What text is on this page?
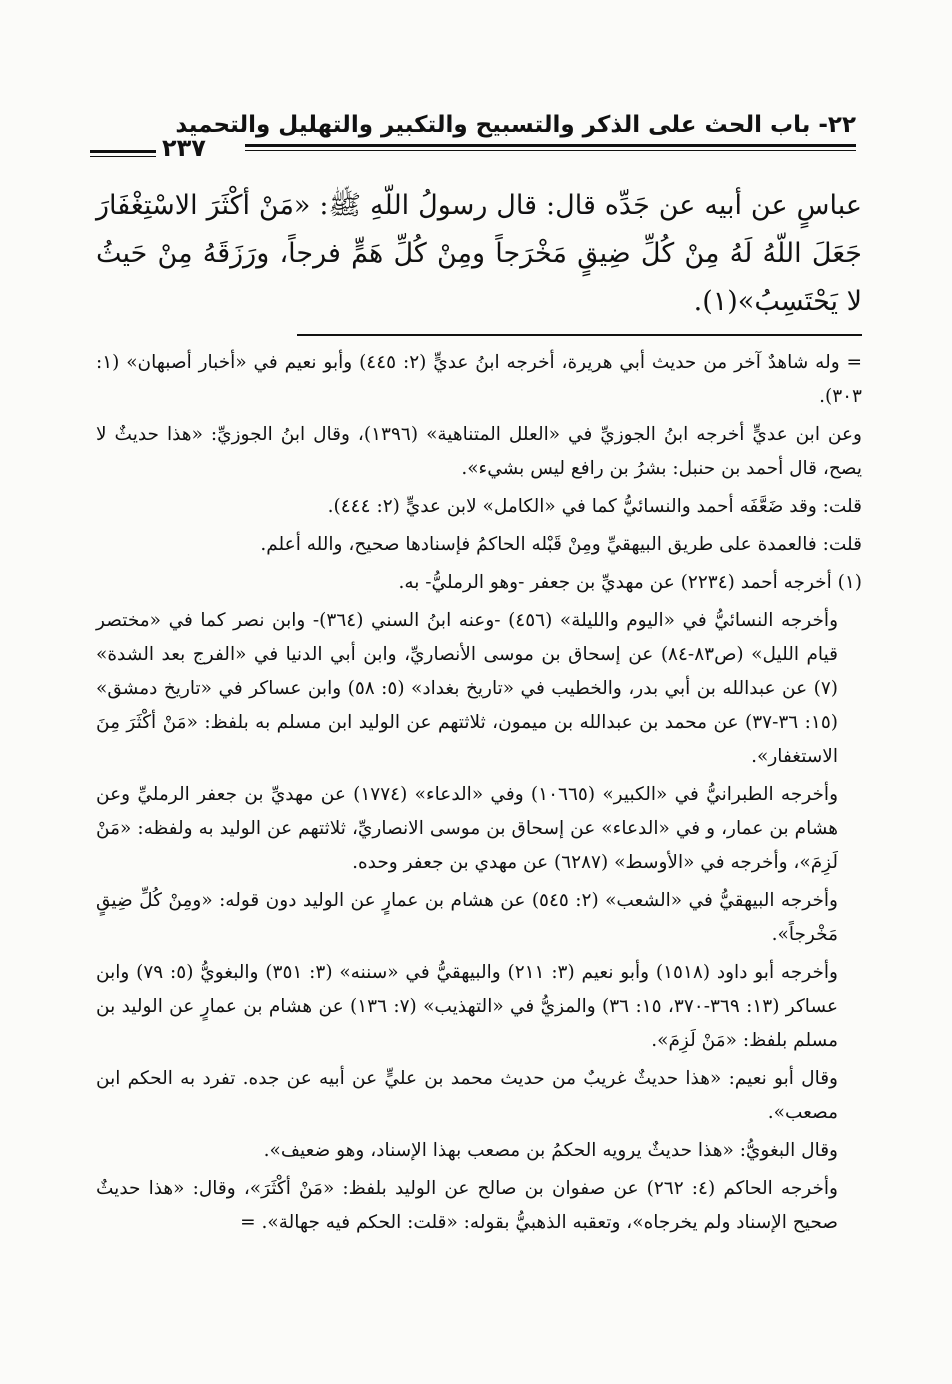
٢٢- باب الحث على الذكر والتسبيح والتكبير والتهليل والتحميد
٢٣٧

عباسٍ عن أبيه عن جَدِّه قال: قال رسولُ اللّهِ ﷺ: «مَنْ أكْثَرَ الاسْتِغْفَارَ جَعَلَ اللّهُ لَهُ مِنْ كُلِّ ضِيقٍ مَخْرَجاً ومِنْ كُلِّ هَمٍّ فرجاً، ورَزَقَهُ مِنْ حَيثُ لا يَحْتَسِبُ»(١).

= وله شاهدٌ آخر من حديث أبي هريرة، أخرجه ابنُ عديٍّ (٢: ٤٤٥) وأبو نعيم في «أخبار أصبهان» (١: ٣٠٣).

وعن ابن عديٍّ أخرجه ابنُ الجوزيِّ في «العلل المتناهية» (١٣٩٦)، وقال ابنُ الجوزيِّ: «هذا حديثٌ لا يصح، قال أحمد بن حنبل: بشرُ بن رافع ليس بشيء».

قلت: وقد ضَعَّفَه أحمد والنسائيُّ كما في «الكامل» لابن عديٍّ (٢: ٤٤٤).

قلت: فالعمدة على طريق البيهقيِّ ومِنْ قَبْله الحاكمُ فإسنادها صحيح، والله أعلم.

(١) أخرجه أحمد (٢٢٣٤) عن مهديِّ بن جعفر -وهو الرمليُّ- به.

وأخرجه النسائيُّ في «اليوم والليلة» (٤٥٦) -وعنه ابنُ السني (٣٦٤)- وابن نصر كما في «مختصر قيام الليل» (ص٨٣-٨٤) عن إسحاق بن موسى الأنصاريِّ، وابن أبي الدنيا في «الفرج بعد الشدة» (٧) عن عبدالله بن أبي بدر، والخطيب في «تاريخ بغداد» (٥: ٥٨) وابن عساكر في «تاريخ دمشق» (١٥: ٣٦-٣٧) عن محمد بن عبدالله بن ميمون، ثلاثتهم عن الوليد ابن مسلم به بلفظ: «مَنْ أكْثَرَ مِنَ الاستغفار».

وأخرجه الطبرانيُّ في «الكبير» (١٠٦٦٥) وفي «الدعاء» (١٧٧٤) عن مهديِّ بن جعفر الرمليِّ وعن هشام بن عمار، و في «الدعاء» عن إسحاق بن موسى الانصاريِّ، ثلاثتهم عن الوليد به ولفظه: «مَنْ لَزِمَ»، وأخرجه في «الأوسط» (٦٢٨٧) عن مهدي بن جعفر وحده.

وأخرجه البيهقيُّ في «الشعب» (٢: ٥٤٥) عن هشام بن عمارٍ عن الوليد دون قوله: «ومِنْ كُلِّ ضِيقٍ مَخْرجاً».

وأخرجه أبو داود (١٥١٨) وأبو نعيم (٣: ٢١١) والبيهقيُّ في «سننه» (٣: ٣٥١) والبغويُّ (٥: ٧٩) وابن عساكر (١٣: ٣٦٩-٣٧٠، ١٥: ٣٦) والمزيُّ في «التهذيب» (٧: ١٣٦) عن هشام بن عمارٍ عن الوليد بن مسلم بلفظ: «مَنْ لَزِمَ».

وقال أبو نعيم: «هذا حديثٌ غريبٌ من حديث محمد بن عليٍّ عن أبيه عن جده. تفرد به الحكم ابن مصعب».

وقال البغويُّ: «هذا حديثٌ يرويه الحكمُ بن مصعب بهذا الإسناد، وهو ضعيف».

وأخرجه الحاكم (٤: ٢٦٢) عن صفوان بن صالح عن الوليد بلفظ: «مَنْ أكْثَرَ»، وقال: «هذا حديثٌ صحيح الإسناد ولم يخرجاه»، وتعقبه الذهبيُّ بقوله: «قلت: الحكم فيه جهالة». =
